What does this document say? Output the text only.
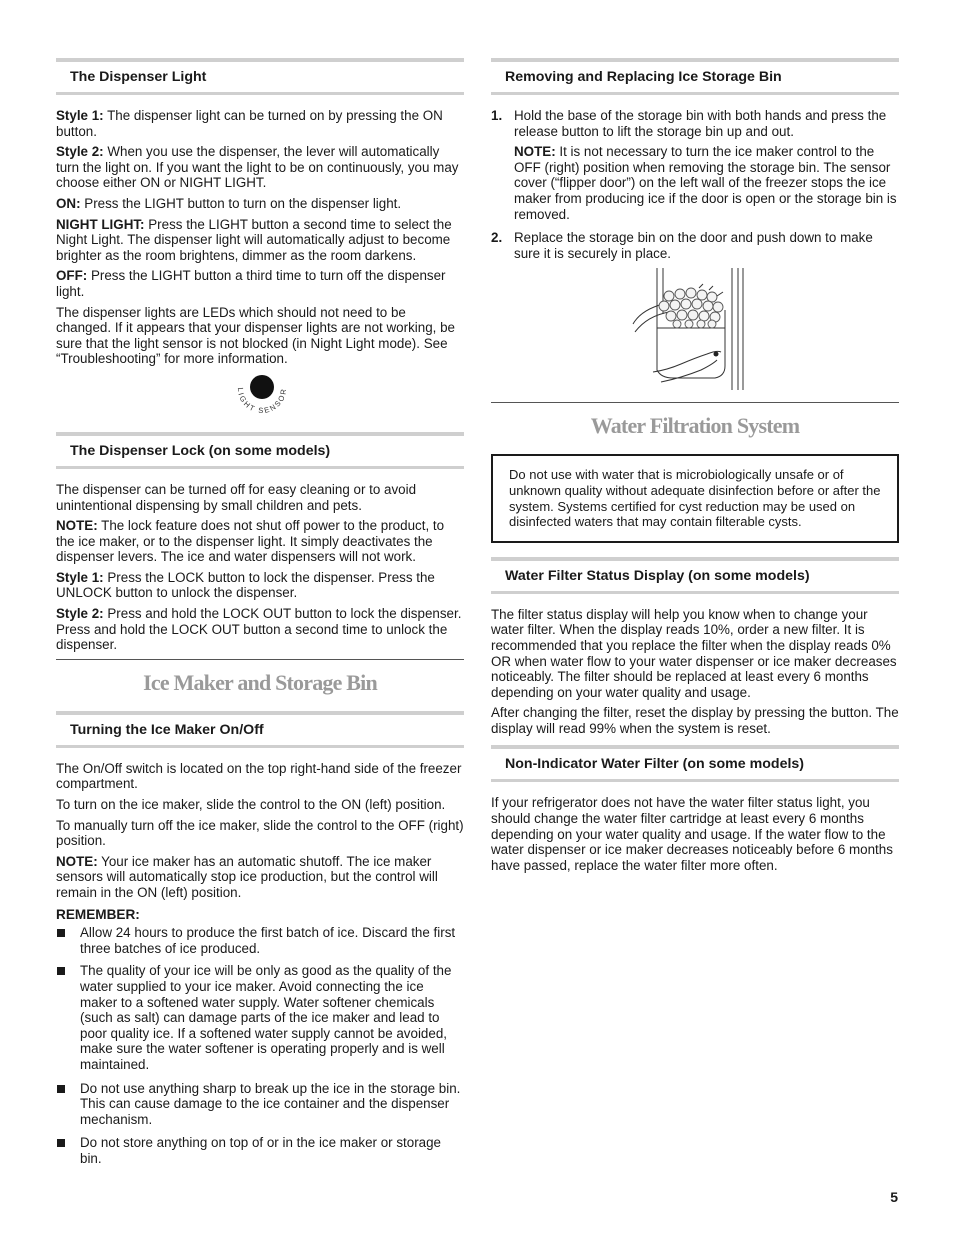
The Dispenser Light

Style 1: The dispenser light can be turned on by pressing the ON button.

Style 2: When you use the dispenser, the lever will automatically turn the light on. If you want the light to be on continuously, you may choose either ON or NIGHT LIGHT.

ON: Press the LIGHT button to turn on the dispenser light.

NIGHT LIGHT: Press the LIGHT button a second time to select the Night Light. The dispenser light will automatically adjust to become brighter as the room brightens, dimmer as the room darkens.

OFF: Press the LIGHT button a third time to turn off the dispenser light.

The dispenser lights are LEDs which should not need to be changed. If it appears that your dispenser lights are not working, be sure that the light sensor is not blocked (in Night Light mode). See “Troubleshooting” for more information.

LIGHT SENSOR
The Dispenser Lock (on some models)

The dispenser can be turned off for easy cleaning or to avoid unintentional dispensing by small children and pets.

NOTE: The lock feature does not shut off power to the product, to the ice maker, or to the dispenser light. It simply deactivates the dispenser levers. The ice and water dispensers will not work.

Style 1: Press the LOCK button to lock the dispenser. Press the UNLOCK button to unlock the dispenser.

Style 2: Press and hold the LOCK OUT button to lock the dispenser. Press and hold the LOCK OUT button a second time to unlock the dispenser.

Ice Maker and Storage Bin
Turning the Ice Maker On/Off

The On/Off switch is located on the top right-hand side of the freezer compartment.

To turn on the ice maker, slide the control to the ON (left) position.

To manually turn off the ice maker, slide the control to the OFF (right) position.

NOTE: Your ice maker has an automatic shutoff. The ice maker sensors will automatically stop ice production, but the control will remain in the ON (left) position.

REMEMBER:
Allow 24 hours to produce the first batch of ice. Discard the first three batches of ice produced.
The quality of your ice will be only as good as the quality of the water supplied to your ice maker. Avoid connecting the ice maker to a softened water supply. Water softener chemicals (such as salt) can damage parts of the ice maker and lead to poor quality ice. If a softened water supply cannot be avoided, make sure the water softener is operating properly and is well maintained.
Do not use anything sharp to break up the ice in the storage bin. This can cause damage to the ice container and the dispenser mechanism.
Do not store anything on top of or in the ice maker or storage bin.
Removing and Replacing Ice Storage Bin
1. Hold the base of the storage bin with both hands and press the release button to lift the storage bin up and out.
NOTE: It is not necessary to turn the ice maker control to the OFF (right) position when removing the storage bin. The sensor cover (“flipper door”) on the left wall of the freezer stops the ice maker from producing ice if the door is open or the storage bin is removed.
2. Replace the storage bin on the door and push down to make sure it is securely in place.
Water Filtration System
Do not use with water that is microbiologically unsafe or of unknown quality without adequate disinfection before or after the system. Systems certified for cyst reduction may be used on disinfected waters that may contain filterable cysts.
Water Filter Status Display (on some models)

The filter status display will help you know when to change your water filter. When the display reads 10%, order a new filter. It is recommended that you replace the filter when the display reads 0% OR when water flow to your water dispenser or ice maker decreases noticeably. The filter should be replaced at least every 6 months depending on your water quality and usage.

After changing the filter, reset the display by pressing the button. The display will read 99% when the system is reset.

Non-Indicator Water Filter (on some models)

If your refrigerator does not have the water filter status light, you should change the water filter cartridge at least every 6 months depending on your water quality and usage. If the water flow to the water dispenser or ice maker decreases noticeably before 6 months have passed, replace the water filter more often.

5
